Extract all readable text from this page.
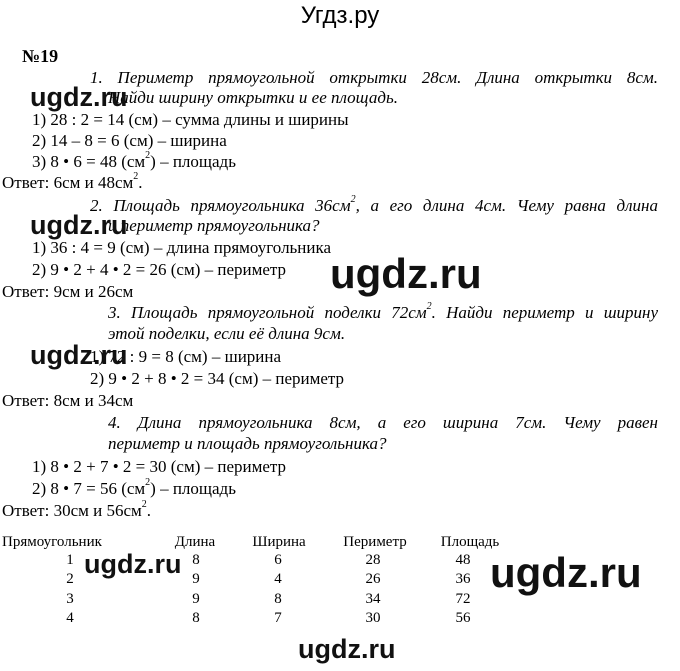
Угдз.ру
№19
1. Периметр прямоугольной открытки 28см. Длина открытки 8см.
Найди ширину открытки и ее площадь.
1) 28 : 2 = 14 (см) – сумма длины и ширины
2) 14 – 8 = 6 (см) – ширина
3) 8 • 6 = 48 $(см^2)$ – площадь
Ответ: 6см и $48см^2$.
2. Площадь прямоугольника $36см^2$, а его длина 4см. Чему равна длина
и периметр прямоугольника?
1) 36 : 4 = 9 (см) – длина прямоугольника
2) 9 • 2 + 4 • 2 = 26 (см) – периметр
Ответ: 9см и 26см
3. Площадь прямоугольной поделки $72см^2$. Найди периметр и ширину
этой поделки, если её длина 9см.
1) 72 : 9 = 8 (см) – ширина
2) 9 • 2 + 8 • 2 = 34 (см) – периметр
Ответ: 8см и 34см
4. Длина прямоугольника 8см, а его ширина 7см. Чему равен
периметр и площадь прямоугольника?
1) 8 • 2 + 7 • 2 = 30 (см) – периметр
2) 8 • 7 = 56 $(см^2)$ – площадь
Ответ: 30см и $56см^2$.
Прямоугольник	Длина	Ширина	Периметр	Площадь
1	8	6	28	48
2	9	4	26	36
3	9	8	34	72
4	8	7	30	56
ugdz.ru
ugdz.ru
ugdz.ru
ugdz.ru
ugdz.ru	ugdz.ru
ugdz.ru
